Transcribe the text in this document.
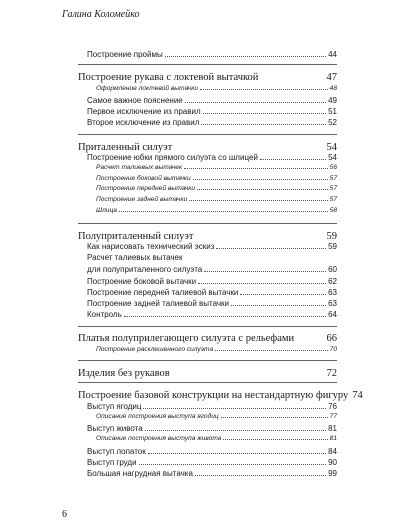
Галина Коломейко
Построение проймы	44
Построение рукава с локтевой вытачкой	47
Оформление локтевой вытачки	48
Самое важное пояснение	49
Первое исключение из правил	51
Второе исключение из правил	52
Приталенный силуэт	54
Построение юбки прямого силуэта со шлицей	54
Расчет талиевых вытачек	56
Построение боковой вытачки	57
Построение передней вытачки	57
Построение задней вытачки	57
Шлица	58
Полуприталенный силуэт	59
Как нарисовать технический эскиз	59
Расчет талиевых вытачек
для полуприталенного силуэта	60
Построение боковой вытачки	62
Построение передней талиевой вытачки	63
Построение задней талиевой вытачки	63
Контроль	64
Платья полуприлегающего силуэта с рельефами	66
Построение расклешенного силуэта	70
Изделия без рукавов	72
Построение базовой конструкции на нестандартную фигуру 74
Выступ ягодиц	76
Описание построения выступа ягодиц	77
Выступ живота	81
Описание построения выступа живота	81
Выступ лопаток	84
Выступ груди	90
Большая нагрудная вытачка	99
6
